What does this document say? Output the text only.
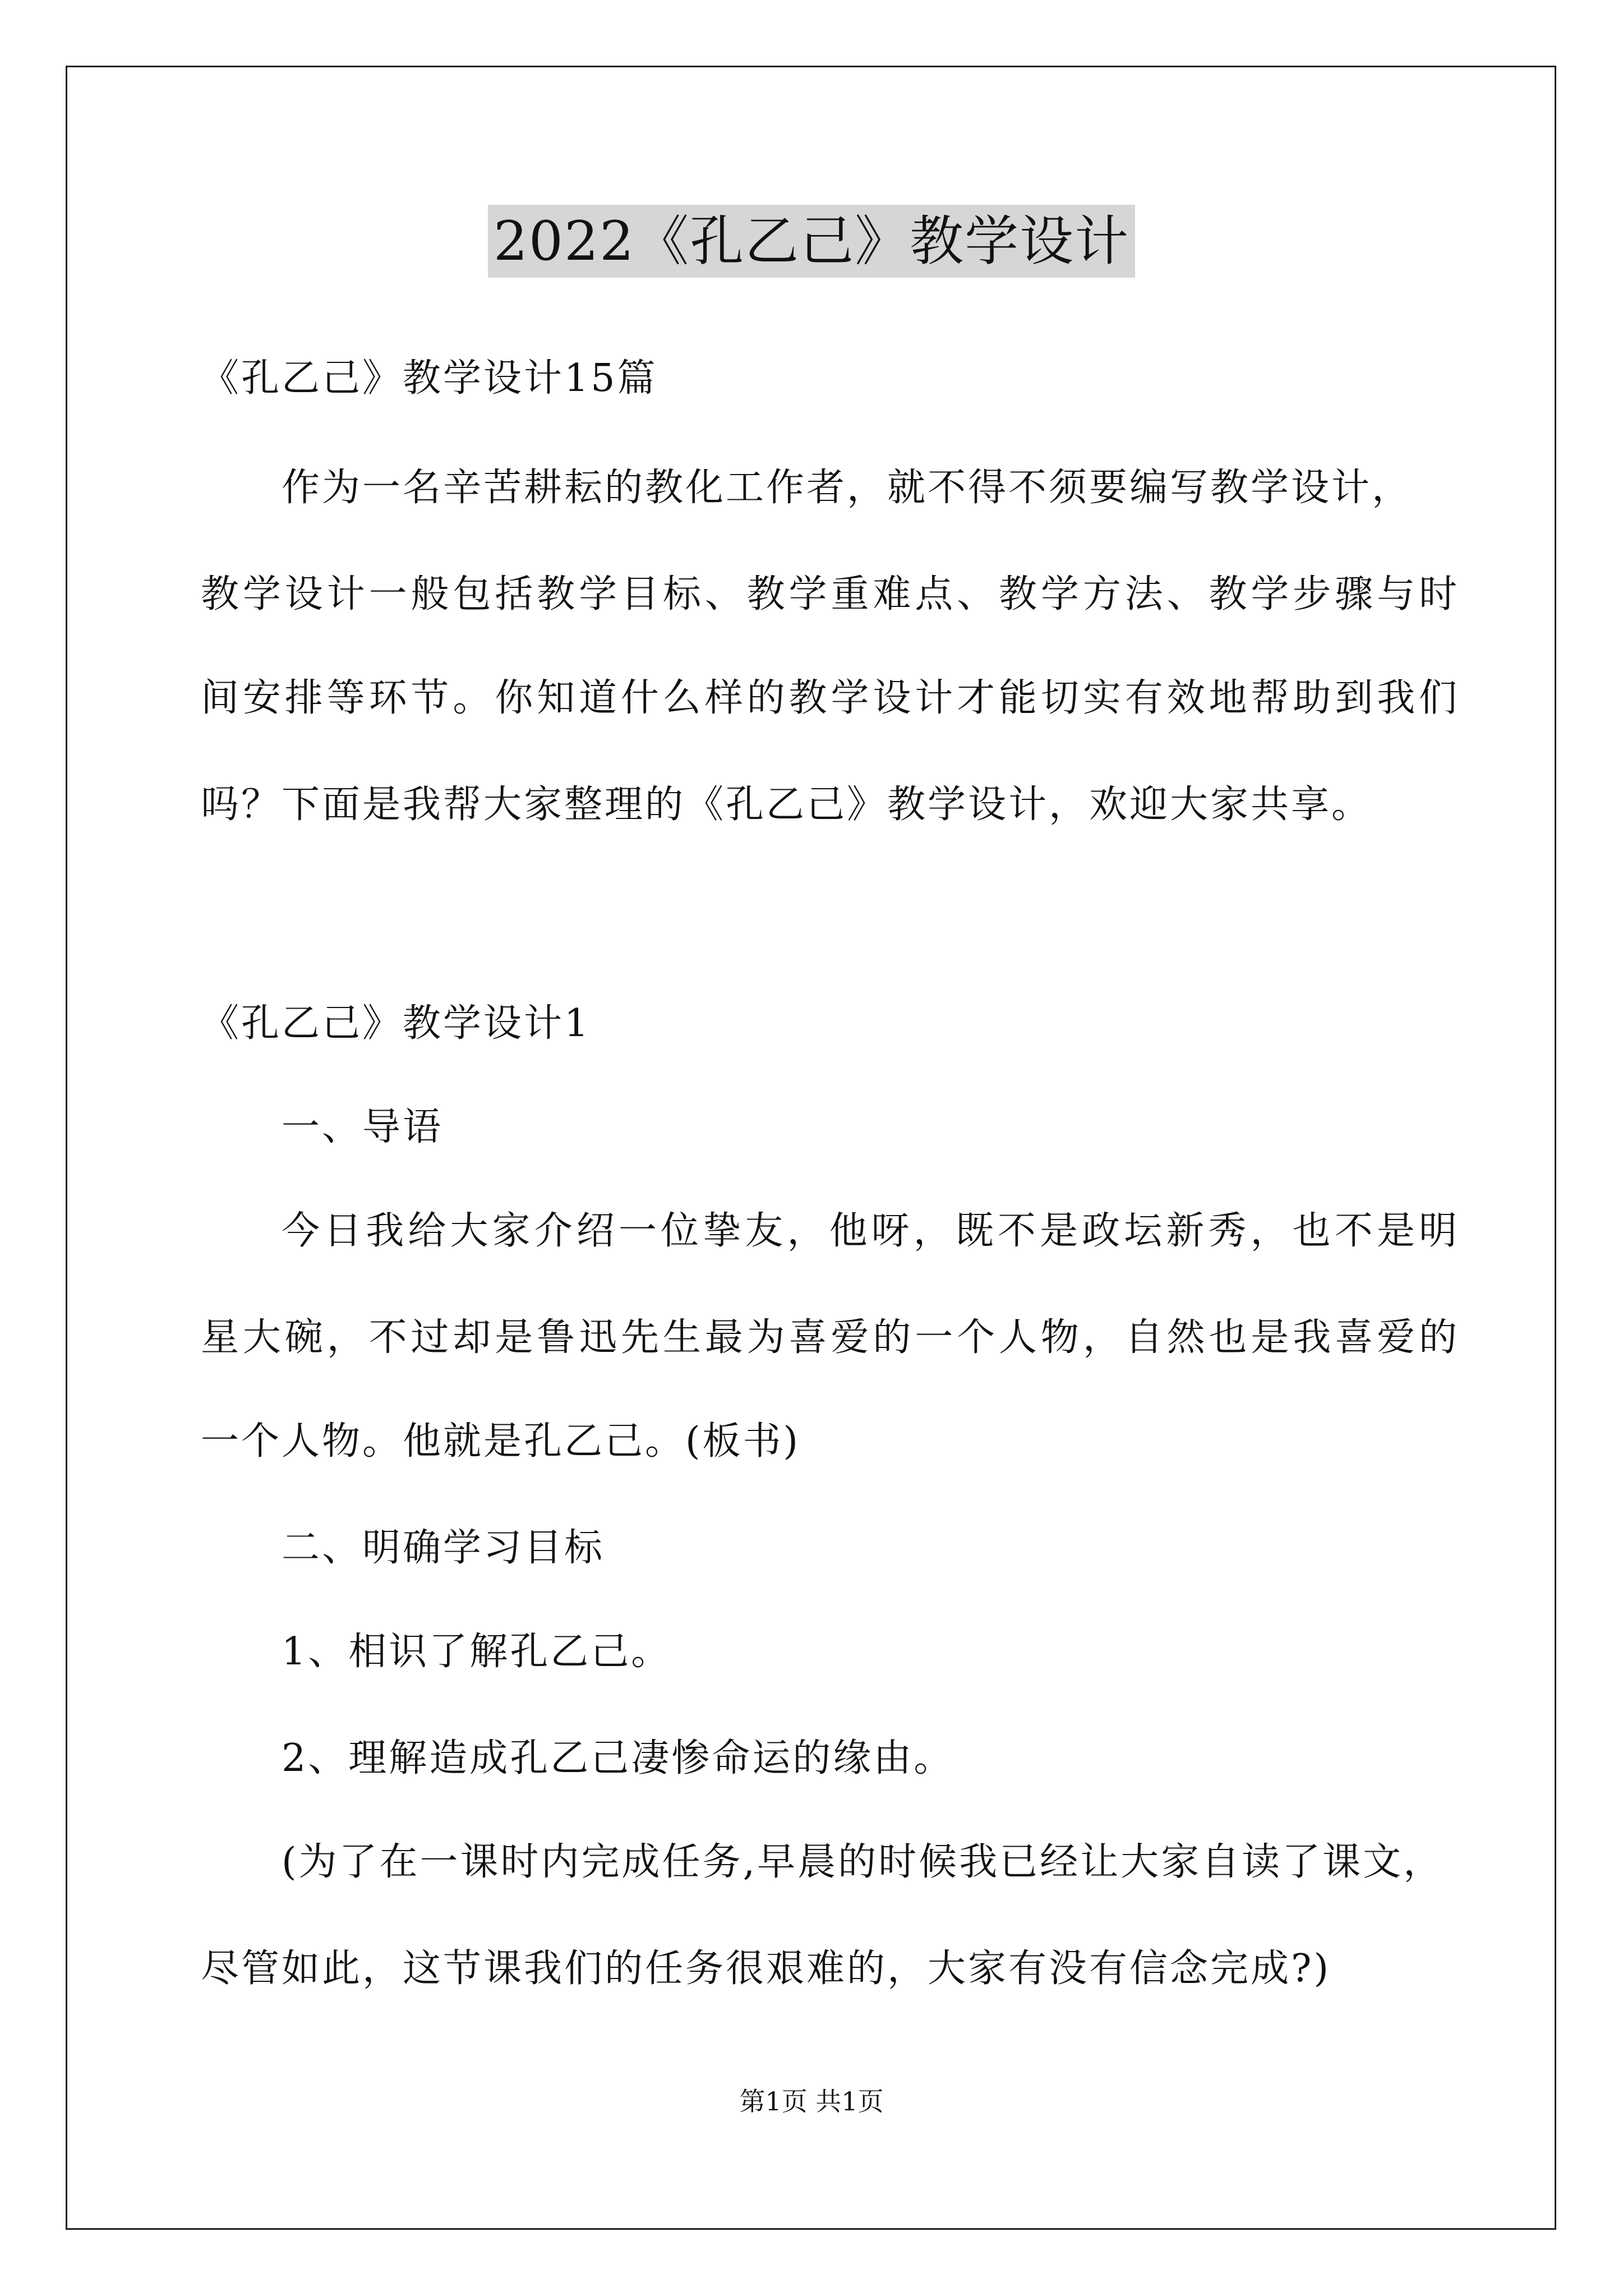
2022《孔乙己》教学设计
《孔乙己》教学设计15篇
作为一名辛苦耕耘的教化工作者，就不得不须要编写教学设计，
教学设计一般包括教学目标、教学重难点、教学方法、教学步骤与时
间安排等环节。你知道什么样的教学设计才能切实有效地帮助到我们
吗？下面是我帮大家整理的《孔乙己》教学设计，欢迎大家共享。
《孔乙己》教学设计1
一、导语
今日我给大家介绍一位挚友，他呀，既不是政坛新秀，也不是明
星大碗，不过却是鲁迅先生最为喜爱的一个人物，自然也是我喜爱的
一个人物。他就是孔乙己。(板书)
二、明确学习目标
1、相识了解孔乙己。
2、理解造成孔乙己凄惨命运的缘由。
(为了在一课时内完成任务,早晨的时候我已经让大家自读了课文，
尽管如此，这节课我们的任务很艰难的，大家有没有信念完成?)
第1页 共1页
